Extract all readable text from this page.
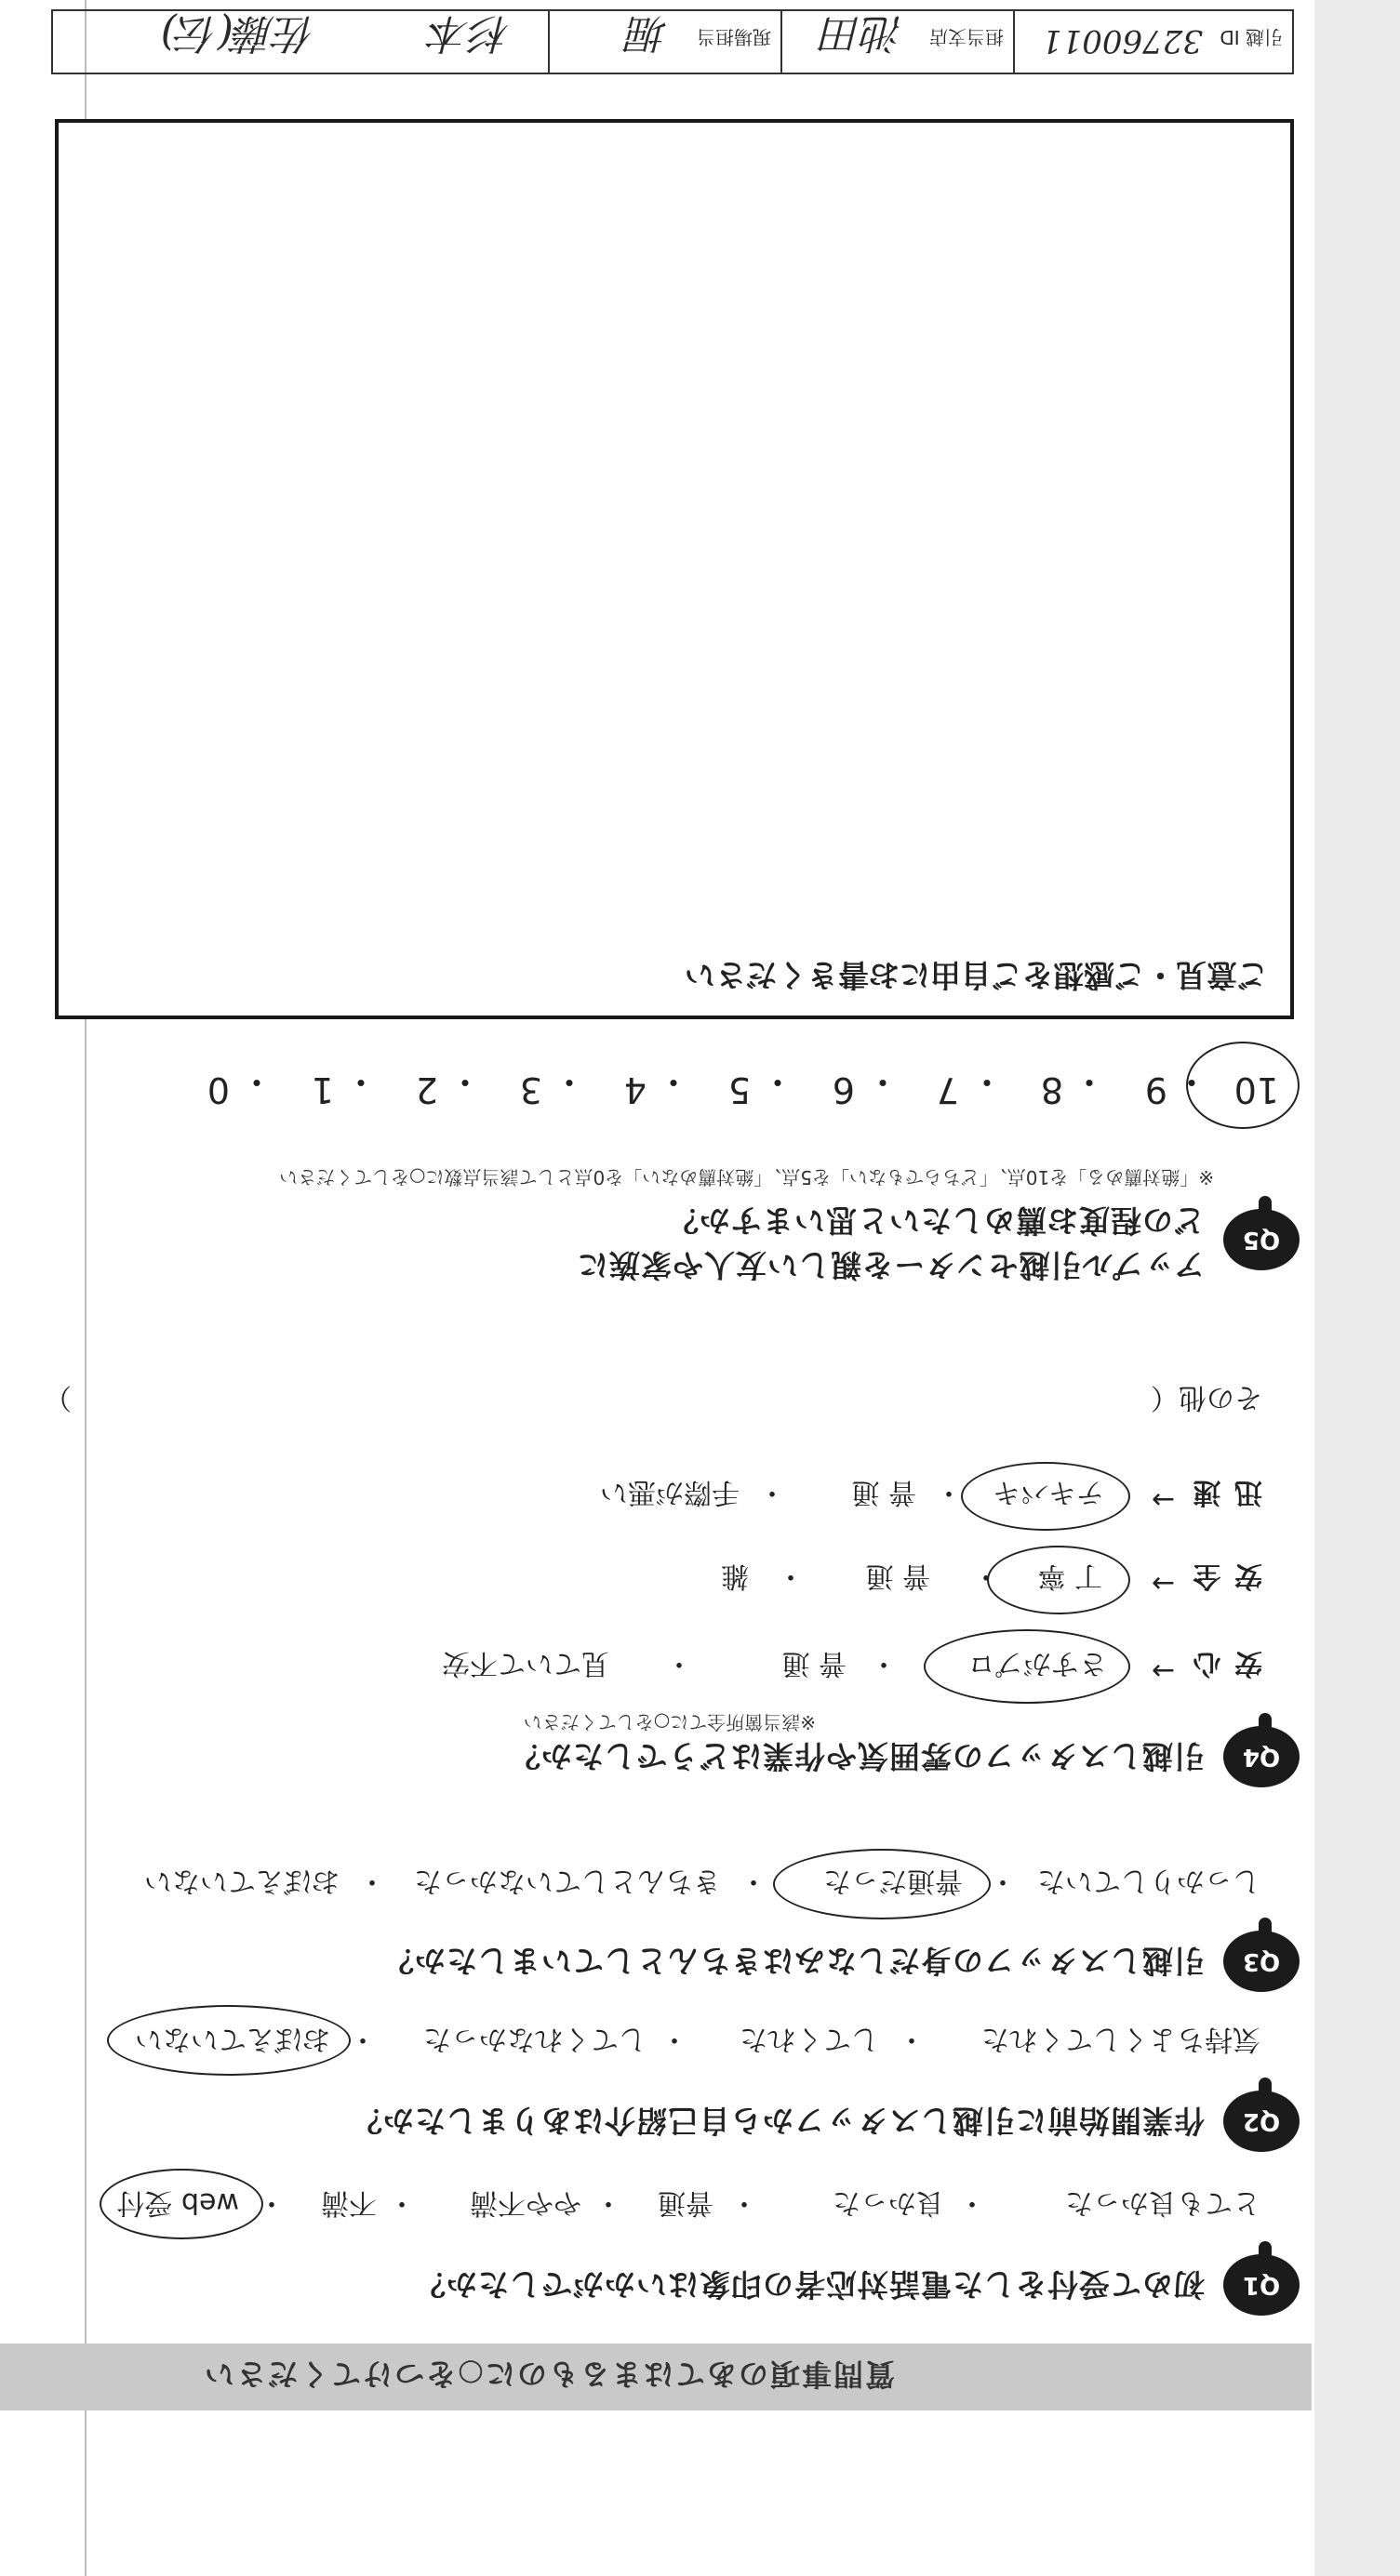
質問事項のあてはまるものに○をつけてください
Q1
初めて受付をした電話対応者の印象はいかがでしたか？
とても良かった
・
良かった
・
普通
・
やや不満
・
不満
・
web 受付
Q2
作業開始前に引越しスタッフから自己紹介はありましたか？
気持ちよくしてくれた
・
してくれた
・
してくれなかった
・
おぼえていない
Q3
引越しスタッフの身だしなみはきちんとしていましたか？
しっかりしていた
・
普通だった
・
きちんとしていなかった
・
おぼえていない
Q4
引越しスタッフの雰囲気や作業はどうでしたか？
※該当箇所全てに○をしてください
安 心
→
さすがプロ
・
普 通
・
見ていて不安
安 全
→
丁 寧
・
普 通
・
雑
迅 速
→
テキパキ
・
普 通
・
手際が悪い
その他（
）
Q5
アップル引越センターを親しい友人や家族に
どの程度お薦めしたいと思いますか？
※「絶対薦める」を10点、「どちらでもない」を5点、「絶対薦めない」を0点として該当点数に○をしてください
10
・
9
・
8
・
7
・
6
・
5
・
4
・
3
・
2
・
1
・
0
ご意見・ご感想をご自由にお書きください
引越 ID
32760011
担当支店
池田
現場担当
堀
杉本
佐藤(伝)
